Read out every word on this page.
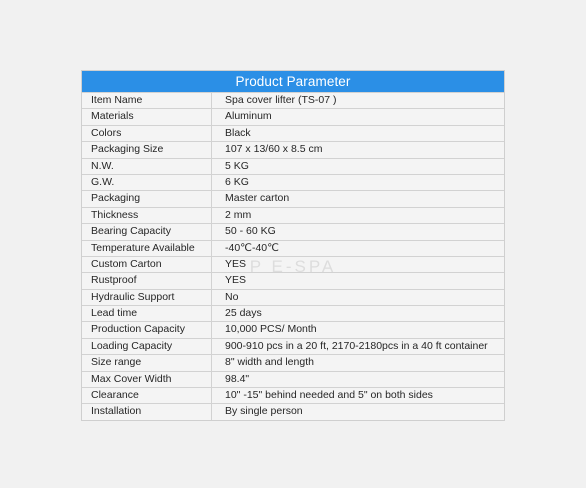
Product Parameter
Item Name	Spa cover lifter (TS-07 )
Materials	Aluminum
Colors	Black
Packaging Size	107 x 13/60 x 8.5 cm
N.W.	5 KG
G.W.	6 KG
Packaging	Master carton
Thickness	2 mm
Bearing Capacity	50 - 60 KG
Temperature Available	-40℃-40℃
Custom Carton	YES
Rustproof	YES
Hydraulic Support	No
Lead time	25 days
Production Capacity	10,000 PCS/ Month
Loading Capacity	900-910 pcs in a 20 ft, 2170-2180pcs in a 40 ft container
Size range	8" width and length
Max Cover Width	98.4"
Clearance	10" -15" behind needed and 5" on both sides
Installation	By single person
P E-SPA
